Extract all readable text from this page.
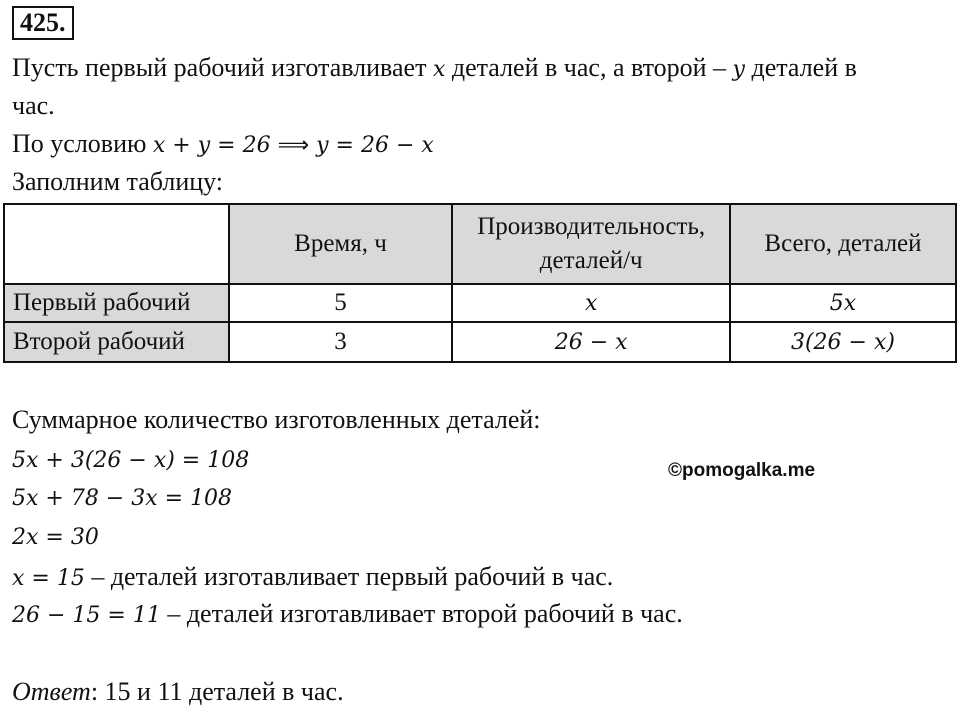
425.
Пусть первый рабочий изготавливает x деталей в час, а второй – y деталей в
час.
По условию x + y = 26 ⟹ y = 26 − x
Заполним таблицу:
	Время, ч	Производительность,
деталей/ч	Всего, деталей
Первый рабочий	5	x	5x
Второй рабочий	3	26 − x	3(26 − x)
Суммарное количество изготовленных деталей:
5x + 3(26 − x) = 108
5x + 78 − 3x = 108
2x = 30
x = 15 – деталей изготавливает первый рабочий в час.
26 − 15 = 11 – деталей изготавливает второй рабочий в час.
©pomogalka.me
Ответ: 15 и 11 деталей в час.
